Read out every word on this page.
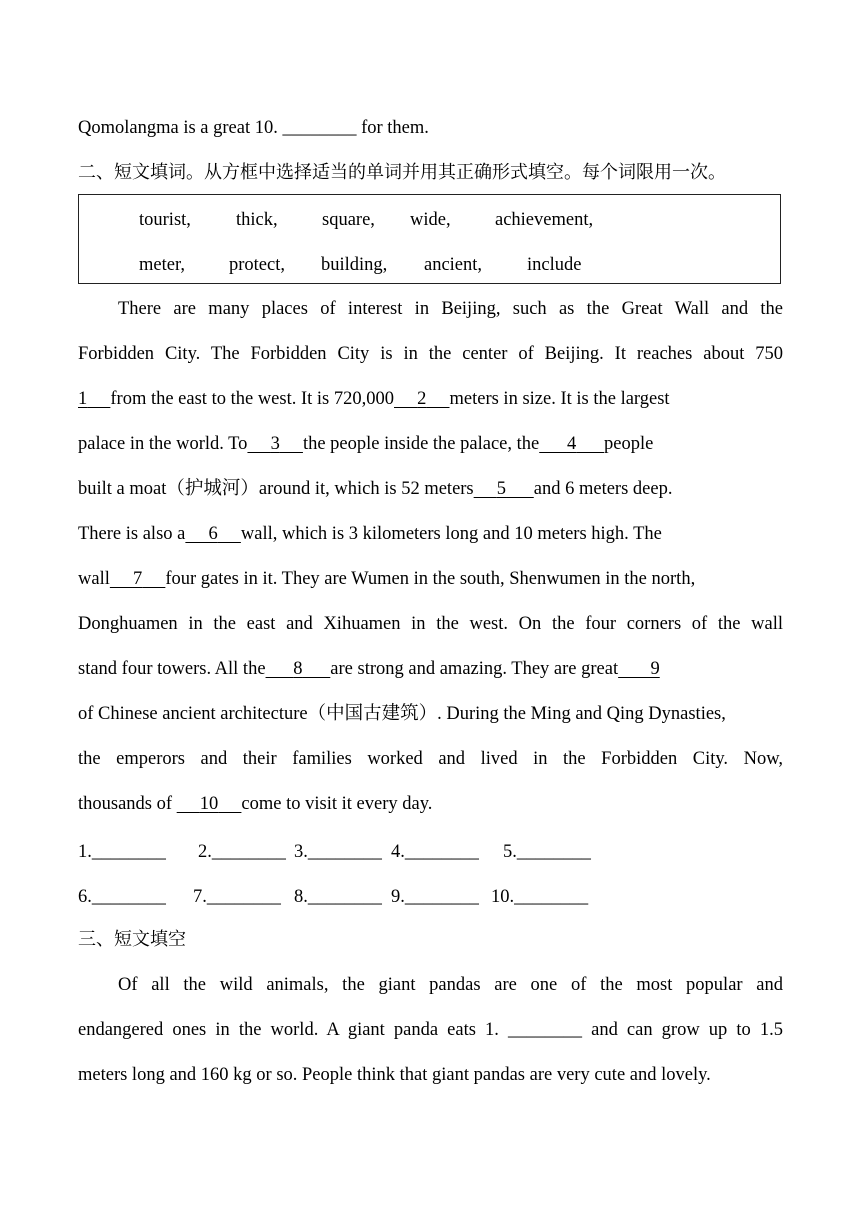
Qomolangma is a great 10. ________ for them.
二、短文填词。从方框中选择适当的单词并用其正确形式填空。每个词限用一次。
tourist, thick, square, wide, achievement,
meter, protect, building, ancient, include
There are many places of interest in Beijing, such as the Great Wall and the
Forbidden City. The Forbidden City is in the center of Beijing. It reaches about 750
1 from the east to the west. It is 720,000 2 meters in size. It is the largest
palace in the world. To 3 the people inside the palace, the 4 people
built a moat（护城河）around it, which is 52 meters 5 and 6 meters deep.
There is also a 6 wall, which is 3 kilometers long and 10 meters high. The
wall 7 four gates in it. They are Wumen in the south, Shenwumen in the north,
Donghuamen in the east and Xihuamen in the west. On the four corners of the wall
stand four towers. All the 8 are strong and amazing. They are great 9
of Chinese ancient architecture（中国古建筑）. During the Ming and Qing Dynasties,
the emperors and their families worked and lived in the Forbidden City. Now,
thousands of 10 come to visit it every day.
1.________ 2.________ 3.________ 4.________ 5.________
6.________ 7.________ 8.________ 9.________ 10.________
三、短文填空
Of all the wild animals, the giant pandas are one of the most popular and
endangered ones in the world. A giant panda eats 1. ________ and can grow up to 1.5
meters long and 160 kg or so. People think that giant pandas are very cute and lovely.
